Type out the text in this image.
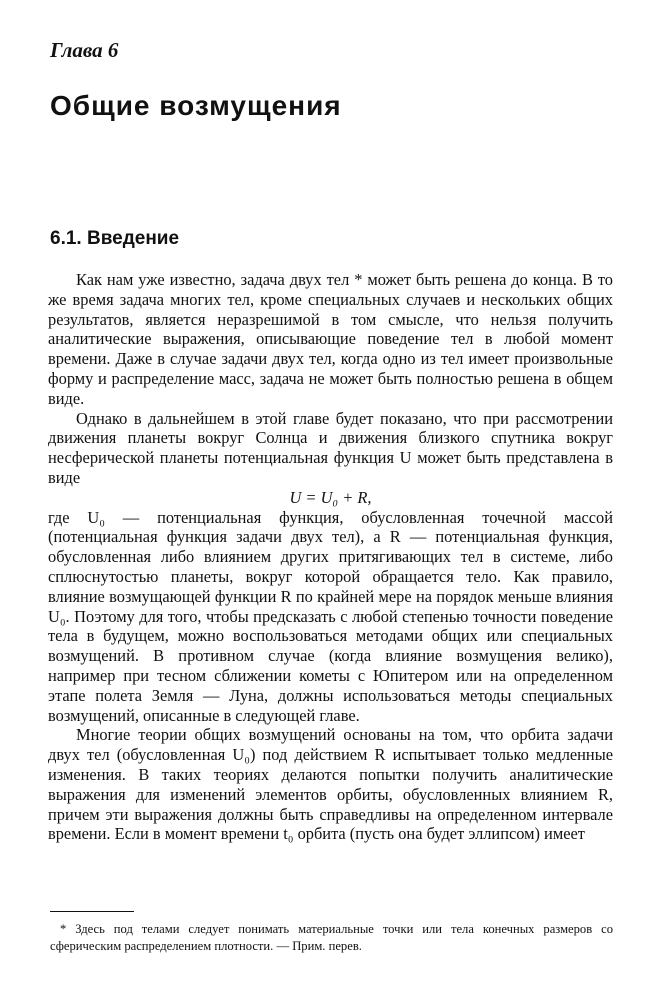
Глава 6
Общие возмущения
6.1. Введение

Как нам уже известно, задача двух тел * может быть решена до конца. В то же время задача многих тел, кроме специальных случаев и нескольких общих результатов, является неразрешимой в том смысле, что нельзя получить аналитические выражения, описывающие поведение тел в любой момент времени. Даже в случае задачи двух тел, когда одно из тел имеет произвольные форму и распределение масс, задача не может быть полностью решена в общем виде.

Однако в дальнейшем в этой главе будет показано, что при рассмотрении движения планеты вокруг Солнца и движения близкого спутника вокруг несферической планеты потенциальная функция U может быть представлена в виде

U = U₀ + R,

где U₀ — потенциальная функция, обусловленная точечной массой (потенциальная функция задачи двух тел), а R — потенциальная функция, обусловленная либо влиянием других притягивающих тел в системе, либо сплюснутостью планеты, вокруг которой обращается тело. Как правило, влияние возмущающей функции R по крайней мере на порядок меньше влияния U₀. Поэтому для того, чтобы предсказать с любой степенью точности поведение тела в будущем, можно воспользоваться методами общих или специальных возмущений. В противном случае (когда влияние возмущения велико), например при тесном сближении кометы с Юпитером или на определенном этапе полета Земля — Луна, должны использоваться методы специальных возмущений, описанные в следующей главе.

Многие теории общих возмущений основаны на том, что орбита задачи двух тел (обусловленная U₀) под действием R испытывает только медленные изменения. В таких теориях делаются попытки получить аналитические выражения для изменений элементов орбиты, обусловленных влиянием R, причем эти выражения должны быть справедливы на определенном интервале времени. Если в момент времени t₀ орбита (пусть она будет эллипсом) имеет

* Здесь под телами следует понимать материальные точки или тела конечных размеров со сферическим распределением плотности. — Прим. перев.
